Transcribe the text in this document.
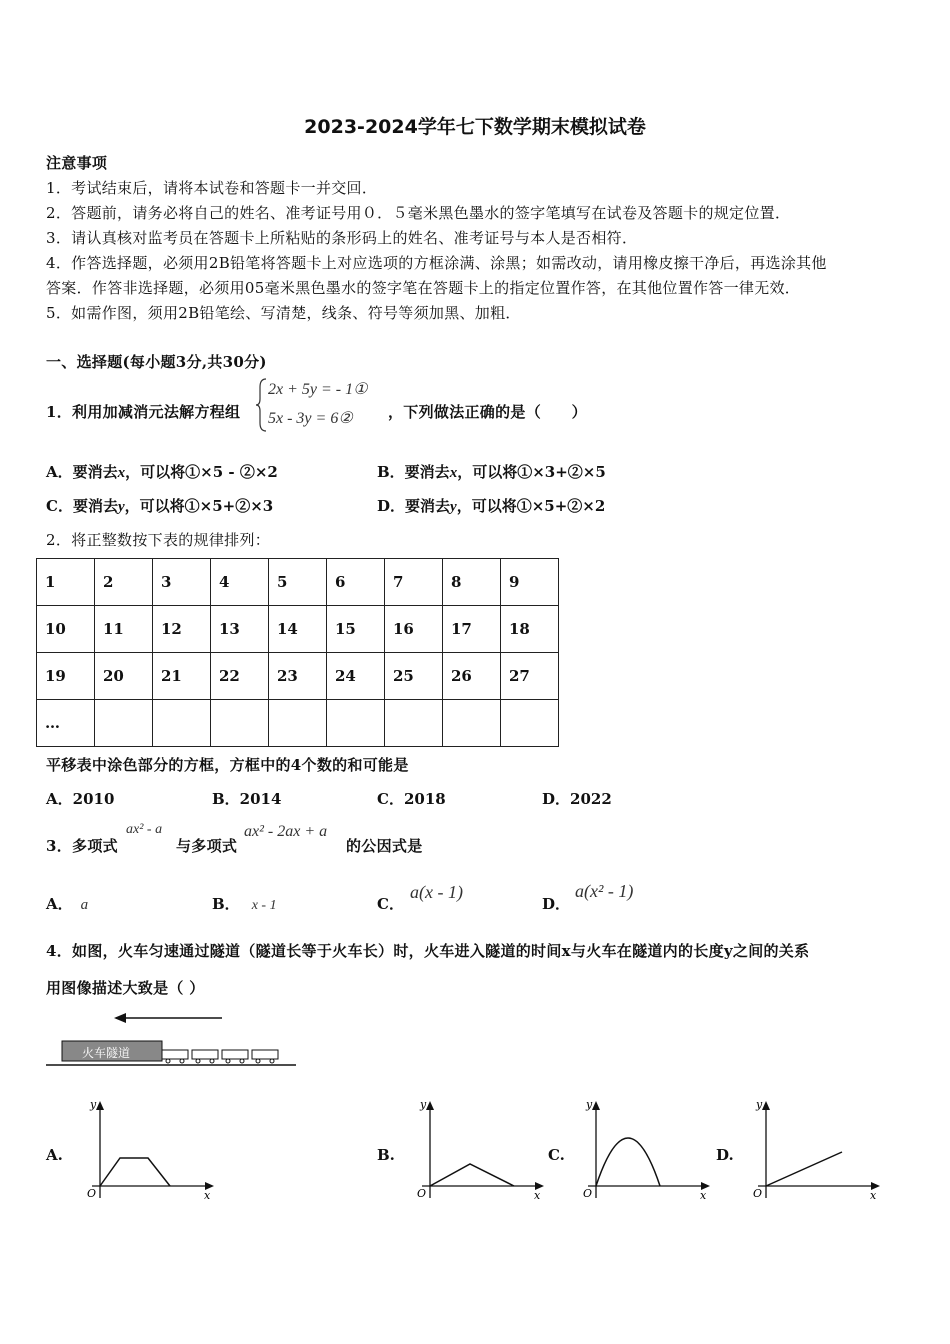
2023-2024学年七下数学期末模拟试卷
注意事项
1．考试结束后，请将本试卷和答题卡一并交回．
2．答题前，请务必将自己的姓名、准考证号用０．５毫米黑色墨水的签字笔填写在试卷及答题卡的规定位置．
3．请认真核对监考员在答题卡上所粘贴的条形码上的姓名、准考证号与本人是否相符．
4．作答选择题，必须用2B铅笔将答题卡上对应选项的方框涂满、涂黑；如需改动，请用橡皮擦干净后，再选涂其他
答案．作答非选择题，必须用05毫米黑色墨水的签字笔在答题卡上的指定位置作答，在其他位置作答一律无效．
5．如需作图，须用2B铅笔绘、写清楚，线条、符号等须加黑、加粗．
一、选择题(每小题3分,共30分)
1．利用加减消元法解方程组
2x + 5y = - 1①
5x - 3y = 6② ，下列做法正确的是（　　）
A．要消去x，可以将①×5 - ②×2	B．要消去x，可以将①×3+②×5
C．要消去y，可以将①×5+②×3	D．要消去y，可以将①×5+②×2
2．将正整数按下表的规律排列：
1	2	3	4	5	6	7	8	9
10	11	12	13	14	15	16	17	18
19	20	21	22	23	24	25	26	27
…								
平移表中涂色部分的方框，方框中的4个数的和可能是
A．2010	B．2014	C．2018	D．2022
3．多项式
ax² - a
与多项式
ax² - 2ax + a
的公因式是
A． a	B． x - 1	C．
a(x - 1)
D．
a(x² - 1)
4．如图，火车匀速通过隧道（隧道长等于火车长）时，火车进入隧道的时间x与火车在隧道内的长度y之间的关系
用图像描述大致是（ ）
火车隧道
A.
y
O	x
B.
y
O	x
C.
y
O	x
D.
y
O	x
